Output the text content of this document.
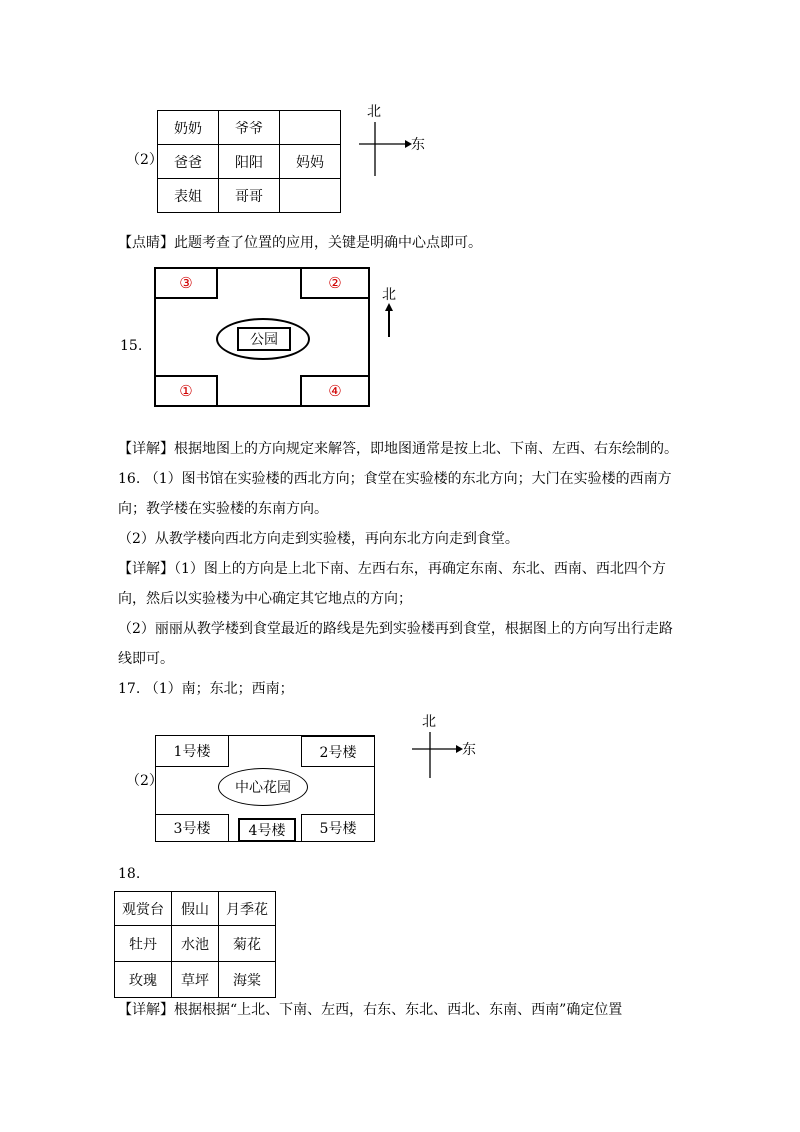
（2）
奶奶	爷爷	
爸爸	阳阳	妈妈
表姐	哥哥	
北
东
【点睛】此题考查了位置的应用，关键是明确中心点即可。
15.
③	②
①	④
公园
北
【详解】根据地图上的方向规定来解答，即地图通常是按上北、下南、左西、右东绘制的。
16. （1）图书馆在实验楼的西北方向；食堂在实验楼的东北方向；大门在实验楼的西南方
向；教学楼在实验楼的东南方向。
（2）从教学楼向西北方向走到实验楼，再向东北方向走到食堂。
【详解】（1）图上的方向是上北下南、左西右东，再确定东南、东北、西南、西北四个方
向，然后以实验楼为中心确定其它地点的方向；
（2）丽丽从教学楼到食堂最近的路线是先到实验楼再到食堂，根据图上的方向写出行走路
线即可。
17. （1）南；东北；西南；
（2）
1号楼	2号楼
3号楼	4号楼 5号楼
中心花园
北
东
18.
观赏台	假山	月季花
牡丹	水池	菊花
玫瑰	草坪	海棠
【详解】根据根据“上北、下南、左西，右东、东北、西北、东南、西南”确定位置
